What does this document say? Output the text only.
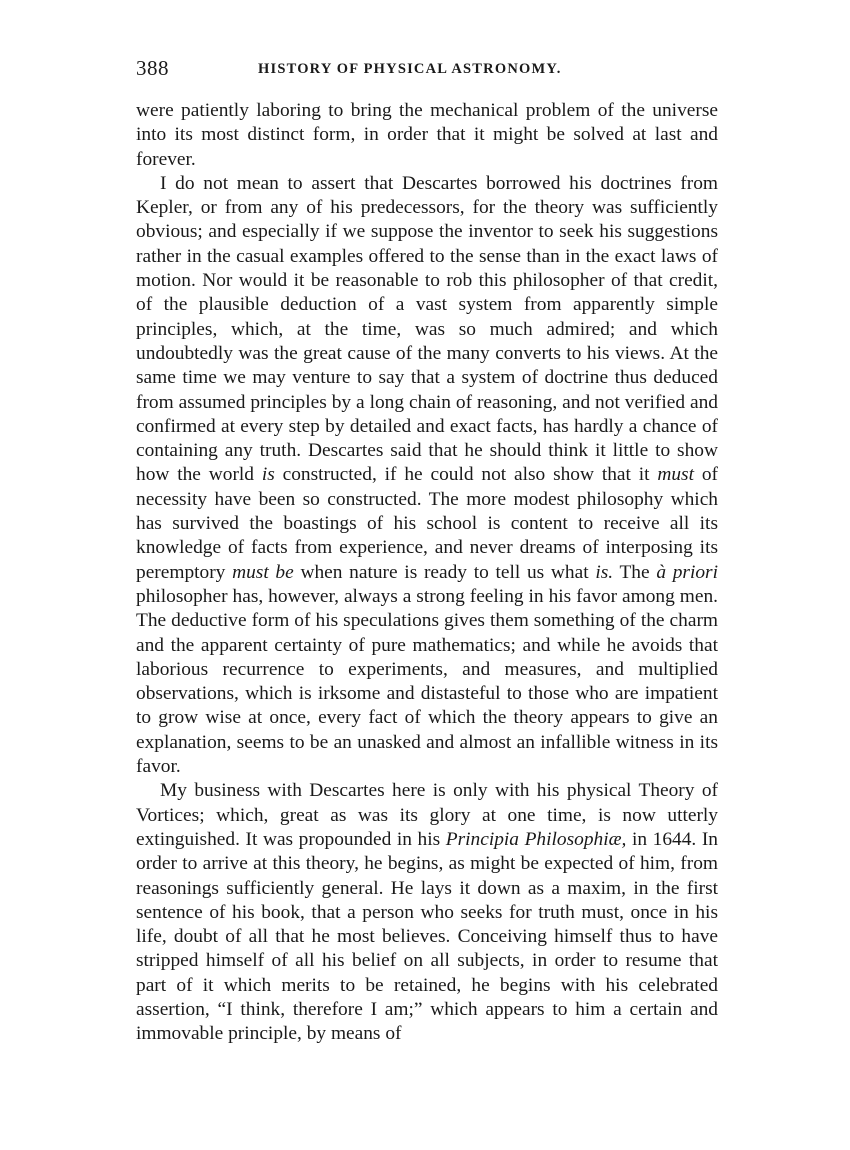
388	HISTORY OF PHYSICAL ASTRONOMY.

were patiently laboring to bring the mechanical problem of the universe into its most distinct form, in order that it might be solved at last and forever.

I do not mean to assert that Descartes borrowed his doctrines from Kepler, or from any of his predecessors, for the theory was sufficiently obvious; and especially if we suppose the inventor to seek his suggestions rather in the casual examples offered to the sense than in the exact laws of motion. Nor would it be reasonable to rob this philosopher of that credit, of the plausible deduction of a vast system from apparently simple principles, which, at the time, was so much admired; and which undoubtedly was the great cause of the many converts to his views. At the same time we may venture to say that a system of doctrine thus deduced from assumed principles by a long chain of reasoning, and not verified and confirmed at every step by detailed and exact facts, has hardly a chance of containing any truth. Descartes said that he should think it little to show how the world is constructed, if he could not also show that it must of necessity have been so constructed. The more modest philosophy which has survived the boastings of his school is content to receive all its knowledge of facts from experience, and never dreams of interposing its peremptory must be when nature is ready to tell us what is. The à priori philosopher has, however, always a strong feeling in his favor among men. The deductive form of his speculations gives them something of the charm and the apparent certainty of pure mathematics; and while he avoids that laborious recurrence to experiments, and measures, and multiplied observations, which is irksome and distasteful to those who are impatient to grow wise at once, every fact of which the theory appears to give an explanation, seems to be an unasked and almost an infallible witness in its favor.

My business with Descartes here is only with his physical Theory of Vortices; which, great as was its glory at one time, is now utterly extinguished. It was propounded in his Principia Philosophiæ, in 1644. In order to arrive at this theory, he begins, as might be expected of him, from reasonings sufficiently general. He lays it down as a maxim, in the first sentence of his book, that a person who seeks for truth must, once in his life, doubt of all that he most believes. Conceiving himself thus to have stripped himself of all his belief on all subjects, in order to resume that part of it which merits to be retained, he begins with his celebrated assertion, “I think, therefore I am;” which appears to him a certain and immovable principle, by means of
